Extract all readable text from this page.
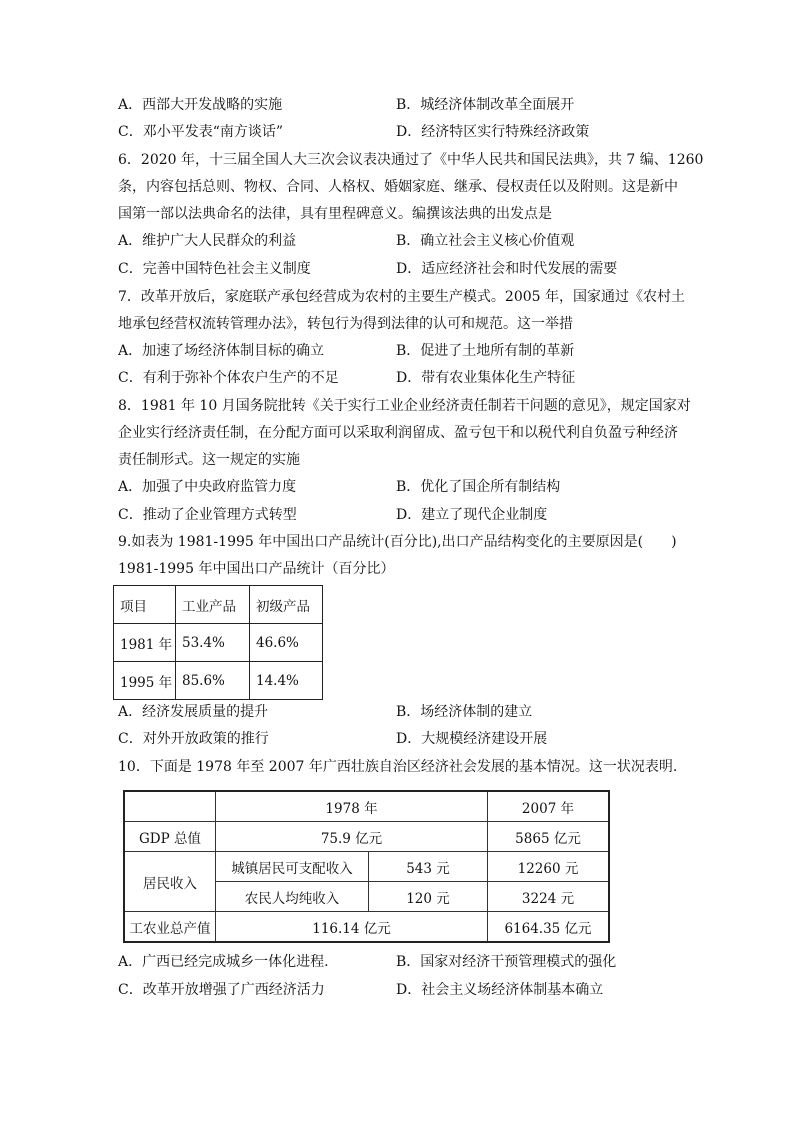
A．西部大开发战略的实施	B．城经济体制改革全面展开
C．邓小平发表“南方谈话”	D．经济特区实行特殊经济政策
6．2020 年，十三届全国人大三次会议表决通过了《中华人民共和国民法典》，共 7 编、1260
条，内容包括总则、物权、合同、人格权、婚姻家庭、继承、侵权责任以及附则。这是新中
国第一部以法典命名的法律，具有里程碑意义。编撰该法典的出发点是
A．维护广大人民群众的利益	B．确立社会主义核心价值观
C．完善中国特色社会主义制度	D．适应经济社会和时代发展的需要
7．改革开放后，家庭联产承包经营成为农村的主要生产模式。2005 年，国家通过《农村土
地承包经营权流转管理办法》，转包行为得到法律的认可和规范。这一举措
A．加速了场经济体制目标的确立	B．促进了土地所有制的革新
C．有利于弥补个体农户生产的不足	D．带有农业集体化生产特征
8．1981 年 10 月国务院批转《关于实行工业企业经济责任制若干问题的意见》，规定国家对
企业实行经济责任制，在分配方面可以采取利润留成、盈亏包干和以税代利自负盈亏种经济
责任制形式。这一规定的实施
A．加强了中央政府监管力度	B．优化了国企所有制结构
C．推动了企业管理方式转型	D．建立了现代企业制度
9.如表为 1981-1995 年中国出口产品统计(百分比),出口产品结构变化的主要原因是(　　)
1981-1995 年中国出口产品统计（百分比）
项目	工业产品	初级产品
1981 年	53.4%	46.6%
1995 年	85.6%	14.4%
A．经济发展质量的提升	B．场经济体制的建立
C．对外开放政策的推行	D．大规模经济建设开展
10．下面是 1978 年至 2007 年广西壮族自治区经济社会发展的基本情况。这一状况表明.
	1978 年		2007 年
GDP 总值	75.9 亿元		5865 亿元
居民收入	城镇居民可支配收入	543 元	12260 元
	农民人均纯收入	120 元	3224 元
工农业总产值	116.14 亿元		6164.35 亿元
A．广西已经完成城乡一体化进程.	B．国家对经济干预管理模式的强化
C．改革开放增强了广西经济活力	D．社会主义场经济体制基本确立
